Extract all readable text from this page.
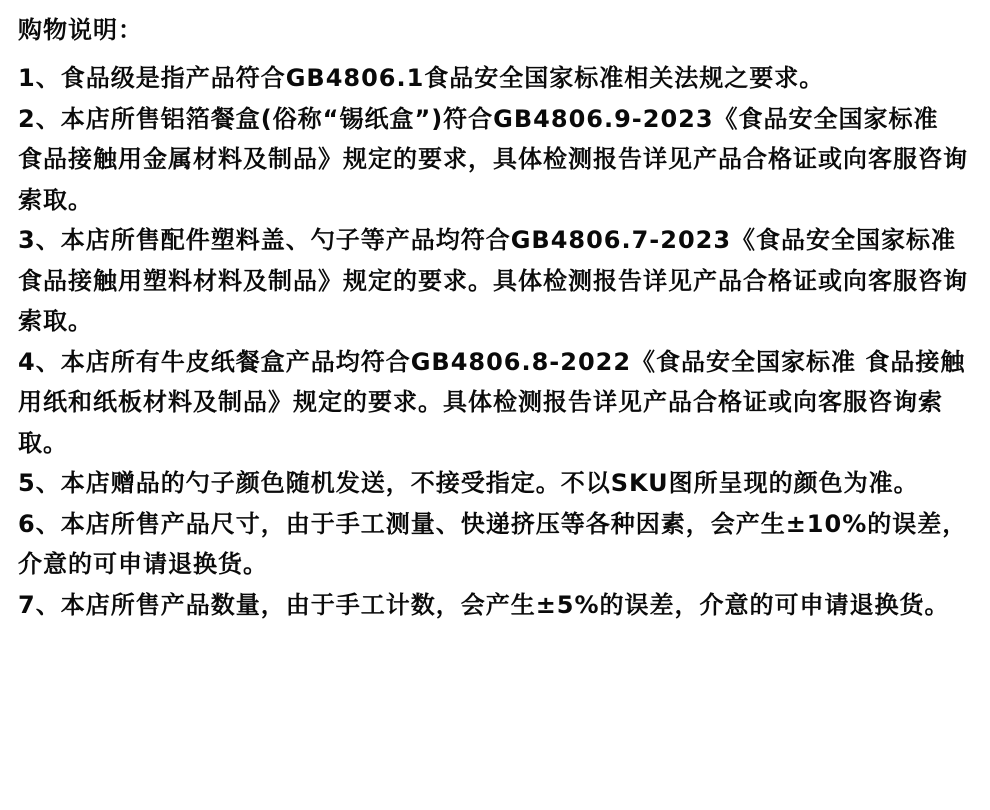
购物说明：
1、食品级是指产品符合GB4806.1食品安全国家标准相关法规之要求。
2、本店所售铝箔餐盒(俗称“锡纸盒”)符合GB4806.9-2023《食品安全国家标准 食品接触用金属材料及制品》规定的要求，具体检测报告详见产品合格证或向客服咨询索取。
3、本店所售配件塑料盖、勺子等产品均符合GB4806.7-2023《食品安全国家标准 食品接触用塑料材料及制品》规定的要求。具体检测报告详见产品合格证或向客服咨询索取。
4、本店所有牛皮纸餐盒产品均符合GB4806.8-2022《食品安全国家标准 食品接触用纸和纸板材料及制品》规定的要求。具体检测报告详见产品合格证或向客服咨询索取。
5、本店赠品的勺子颜色随机发送，不接受指定。不以SKU图所呈现的颜色为准。
6、本店所售产品尺寸，由于手工测量、快递挤压等各种因素，会产生±10%的误差，介意的可申请退换货。
7、本店所售产品数量，由于手工计数，会产生±5%的误差，介意的可申请退换货。
